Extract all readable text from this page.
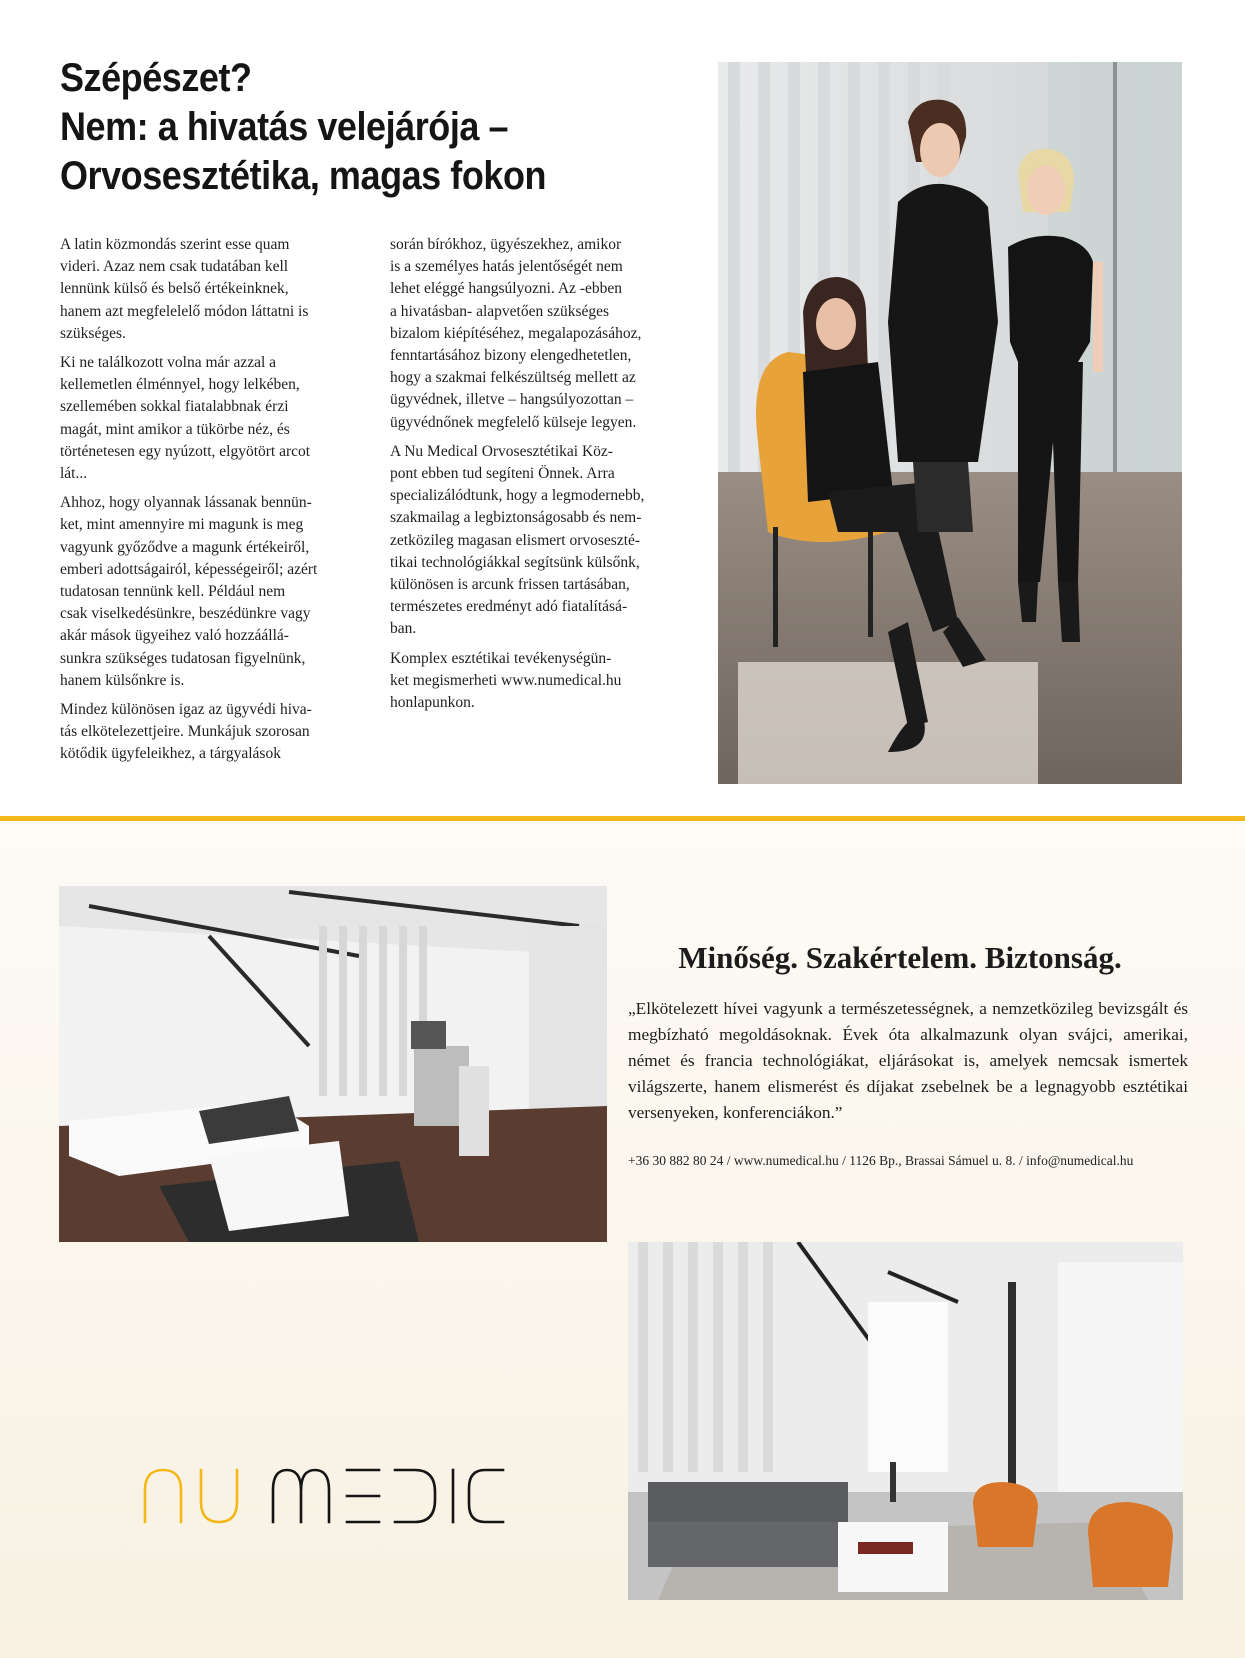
Szépészet?
Nem: a hivatás velejárója –
Orvosesztétika, magas fokon

A latin közmondás szerint esse quam
videri. Azaz nem csak tudatában kell
lennünk külső és belső értékeinknek,
hanem azt megfelelelő módon láttatni is
szükséges.

Ki ne találkozott volna már azzal a
kellemetlen élménnyel, hogy lelkében,
szellemében sokkal fiatalabbnak érzi
magát, mint amikor a tükörbe néz, és
történetesen egy nyúzott, elgyötört arcot
lát...

Ahhoz, hogy olyannak lássanak bennün-
ket, mint amennyire mi magunk is meg
vagyunk győződve a magunk értékeiről,
emberi adottságairól, képességeiről; azért
tudatosan tennünk kell. Például nem
csak viselkedésünkre, beszédünkre vagy
akár mások ügyeihez való hozzáállá-
sunkra szükséges tudatosan figyelnünk,
hanem külsőnkre is.

Mindez különösen igaz az ügyvédi hiva-
tás elkötelezettjeire. Munkájuk szorosan
kötődik ügyfeleikhez, a tárgyalások

során bírókhoz, ügyészekhez, amikor
is a személyes hatás jelentőségét nem
lehet eléggé hangsúlyozni. Az -ebben
a hivatásban- alapvetően szükséges
bizalom kiépítéséhez, megalapozásához,
fenntartásához bizony elengedhetetlen,
hogy a szakmai felkészültség mellett az
ügyvédnek, illetve – hangsúlyozottan –
ügyvédnőnek megfelelő külseje legyen.

A Nu Medical Orvosesztétikai Köz-
pont ebben tud segíteni Önnek. Arra
specializálódtunk, hogy a legmodernebb,
szakmailag a legbiztonságosabb és nem-
zetközileg magasan elismert orvoseszté-
tikai technológiákkal segítsünk külsőnk,
különösen is arcunk frissen tartásában,
természetes eredményt adó fiatalításá-
ban.

Komplex esztétikai tevékenységün-
ket megismerheti www.numedical.hu
honlapunkon.

Minőség. Szakértelem. Biztonság.
„Elkötelezett hívei vagyunk a természetességnek, a nemzetközileg bevizsgált és megbízható megoldásoknak. Évek óta alkalmazunk olyan svájci, amerikai, német és francia technológiákat, eljárásokat is, amelyek nemcsak ismertek világszerte, hanem elismerést és díjakat zsebelnek be a legnagyobb esztétikai versenyeken, konferenciákon.”
+36 30 882 80 24 / www.numedical.hu / 1126 Bp., Brassai Sámuel u. 8. / info@numedical.hu
